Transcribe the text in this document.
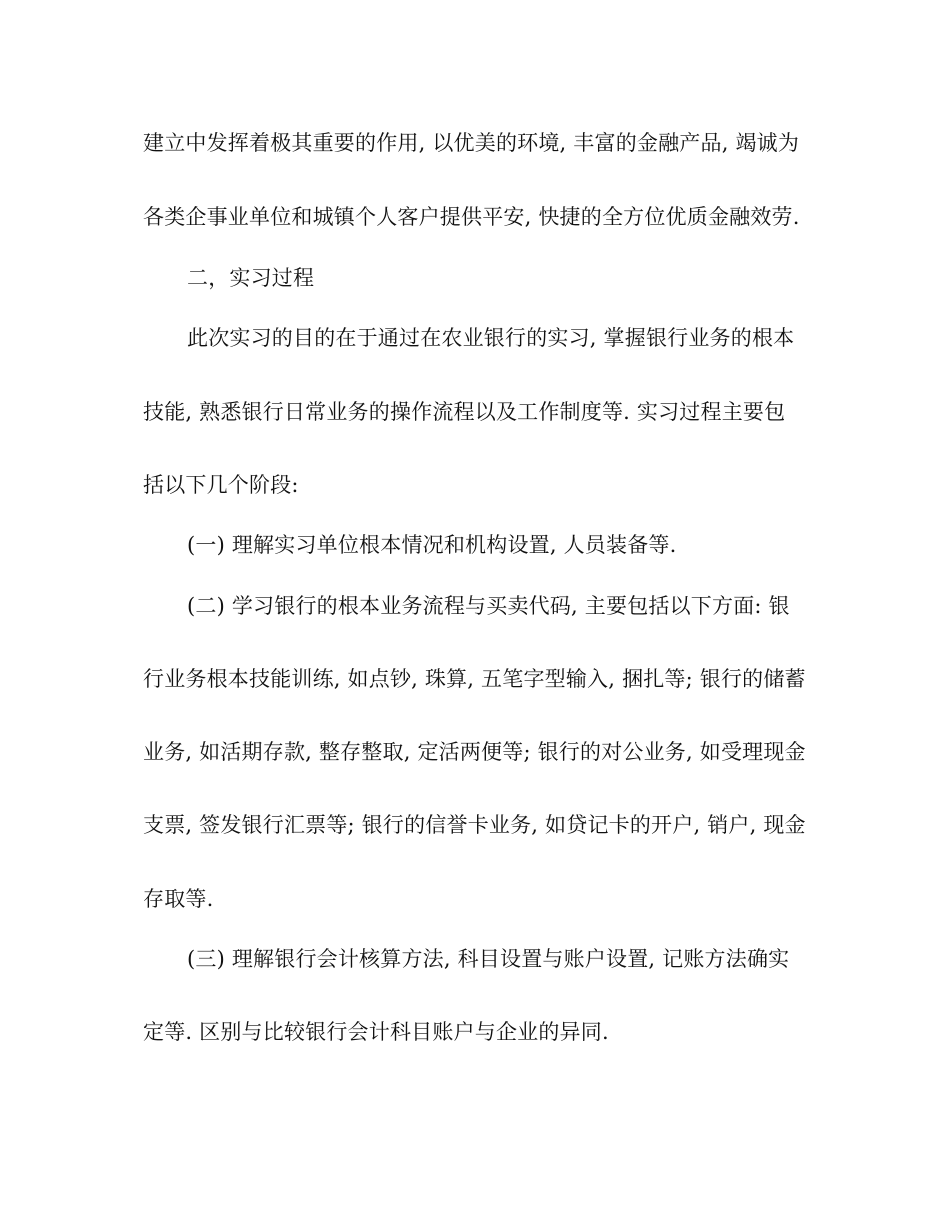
建立中发挥着极其重要的作用, 以优美的环境, 丰富的金融产品, 竭诚为
各类企事业单位和城镇个人客户提供平安, 快捷的全方位优质金融效劳.
二，实习过程
此次实习的目的在于通过在农业银行的实习, 掌握银行业务的根本
技能, 熟悉银行日常业务的操作流程以及工作制度等. 实习过程主要包
括以下几个阶段:
(一) 理解实习单位根本情况和机构设置, 人员装备等.
(二) 学习银行的根本业务流程与买卖代码, 主要包括以下方面: 银
行业务根本技能训练, 如点钞, 珠算, 五笔字型输入, 捆扎等; 银行的储蓄
业务, 如活期存款, 整存整取, 定活两便等; 银行的对公业务, 如受理现金
支票, 签发银行汇票等; 银行的信誉卡业务, 如贷记卡的开户, 销户, 现金
存取等.
(三) 理解银行会计核算方法, 科目设置与账户设置, 记账方法确实
定等. 区别与比较银行会计科目账户与企业的异同.
